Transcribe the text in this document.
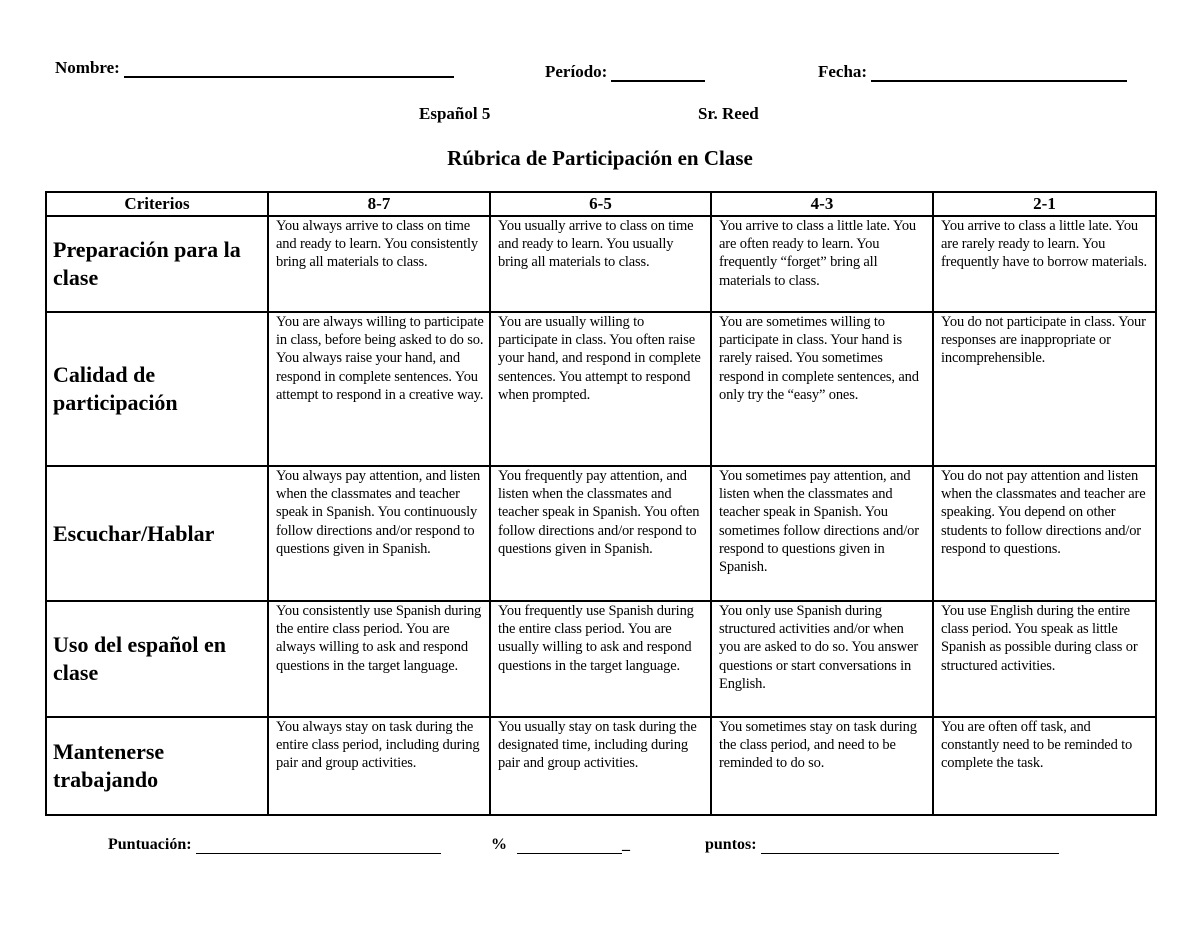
Nombre:	Período:	Fecha:
Español 5	Sr. Reed
Rúbrica de Participación en Clase
Criterios	8-7	6-5	4-3	2-1
Preparación para la clase	You always arrive to class on time and ready to learn. You consistently bring all materials to class.	You usually arrive to class on time and ready to learn. You usually bring all materials to class.	You arrive to class a little late. You are often ready to learn. You frequently “forget” bring all materials to class.	You arrive to class a little late. You are rarely ready to learn. You frequently have to borrow materials.
Calidad de participación	You are always willing to participate in class, before being asked to do so. You always raise your hand, and respond in complete sentences. You attempt to respond in a creative way.	You are usually willing to participate in class. You often raise your hand, and respond in complete sentences. You attempt to respond when prompted.	You are sometimes willing to participate in class. Your hand is rarely raised. You sometimes respond in complete sentences, and only try the “easy” ones.	You do not participate in class. Your responses are inappropriate or incomprehensible.
Escuchar/Hablar	You always pay attention, and listen when the classmates and teacher speak in Spanish. You continuously follow directions and/or respond to questions given in Spanish.	You frequently pay attention, and listen when the classmates and teacher speak in Spanish. You often follow directions and/or respond to questions given in Spanish.	You sometimes pay attention, and listen when the classmates and teacher speak in Spanish. You sometimes follow directions and/or respond to questions given in Spanish.	You do not pay attention and listen when the classmates and teacher are speaking. You depend on other students to follow directions and/or respond to questions.
Uso del español en clase	You consistently use Spanish during the entire class period. You are always willing to ask and respond questions in the target language.	You frequently use Spanish during the entire class period. You are usually willing to ask and respond questions in the target language.	You only use Spanish during structured activities and/or when you are asked to do so. You answer questions or start conversations in English.	You use English during the entire class period. You speak as little Spanish as possible during class or structured activities.
Mantenerse trabajando	You always stay on task during the entire class period, including during pair and group activities.	You usually stay on task during the designated time, including during pair and group activities.	You sometimes stay on task during the class period, and need to be reminded to do so.	You are often off task, and constantly need to be reminded to complete the task.
Puntuación:	%	_	puntos:
